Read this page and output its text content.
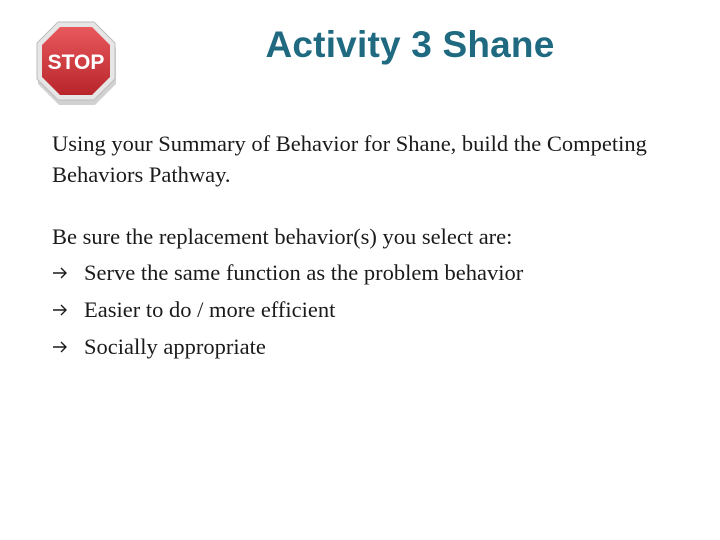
STOP	Activity 3 Shane

Using your Summary of Behavior for Shane, build the Competing Behaviors Pathway.

Be sure the replacement behavior(s) you select are:

Serve the same function as the problem behavior
Easier to do / more efficient
Socially appropriate
